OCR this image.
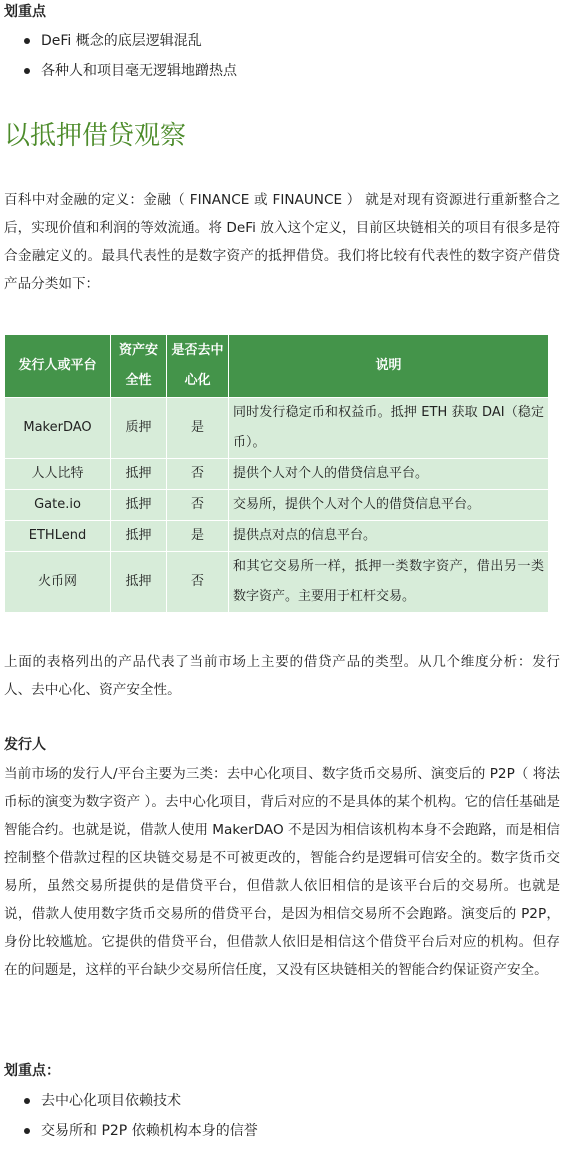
划重点

DeFi 概念的底层逻辑混乱
各种人和项目毫无逻辑地蹭热点
以抵押借贷观察

百科中对金融的定义：金融（ FINANCE 或 FINAUNCE ） 就是对现有资源进行重新整合之后，实现价值和利润的等效流通。将 DeFi 放入这个定义，目前区块链相关的项目有很多是符合金融定义的。最具代表性的是数字资产的抵押借贷。我们将比较有代表性的数字资产借贷产品分类如下：

发行人或平台	资产安全性	是否去中心化	说明
MakerDAO	质押	是	同时发行稳定币和权益币。抵押 ETH 获取 DAI（稳定币）。
人人比特	抵押	否	提供个人对个人的借贷信息平台。
Gate.io	抵押	否	交易所，提供个人对个人的借贷信息平台。
ETHLend	抵押	是	提供点对点的信息平台。
火币网	抵押	否	和其它交易所一样，抵押一类数字资产，借出另一类数字资产。主要用于杠杆交易。

上面的表格列出的产品代表了当前市场上主要的借贷产品的类型。从几个维度分析：发行人、去中心化、资产安全性。

发行人

当前市场的发行人/平台主要为三类：去中心化项目、数字货币交易所、演变后的 P2P（ 将法币标的演变为数字资产 ）。去中心化项目，背后对应的不是具体的某个机构。它的信任基础是智能合约。也就是说，借款人使用 MakerDAO 不是因为相信该机构本身不会跑路，而是相信控制整个借款过程的区块链交易是不可被更改的，智能合约是逻辑可信安全的。数字货币交易所，虽然交易所提供的是借贷平台，但借款人依旧相信的是该平台后的交易所。也就是说，借款人使用数字货币交易所的借贷平台，是因为相信交易所不会跑路。演变后的 P2P，身份比较尴尬。它提供的借贷平台，但借款人依旧是相信这个借贷平台后对应的机构。但存在的问题是，这样的平台缺少交易所信任度，又没有区块链相关的智能合约保证资产安全。

划重点：

去中心化项目依赖技术
交易所和 P2P 依赖机构本身的信誉
